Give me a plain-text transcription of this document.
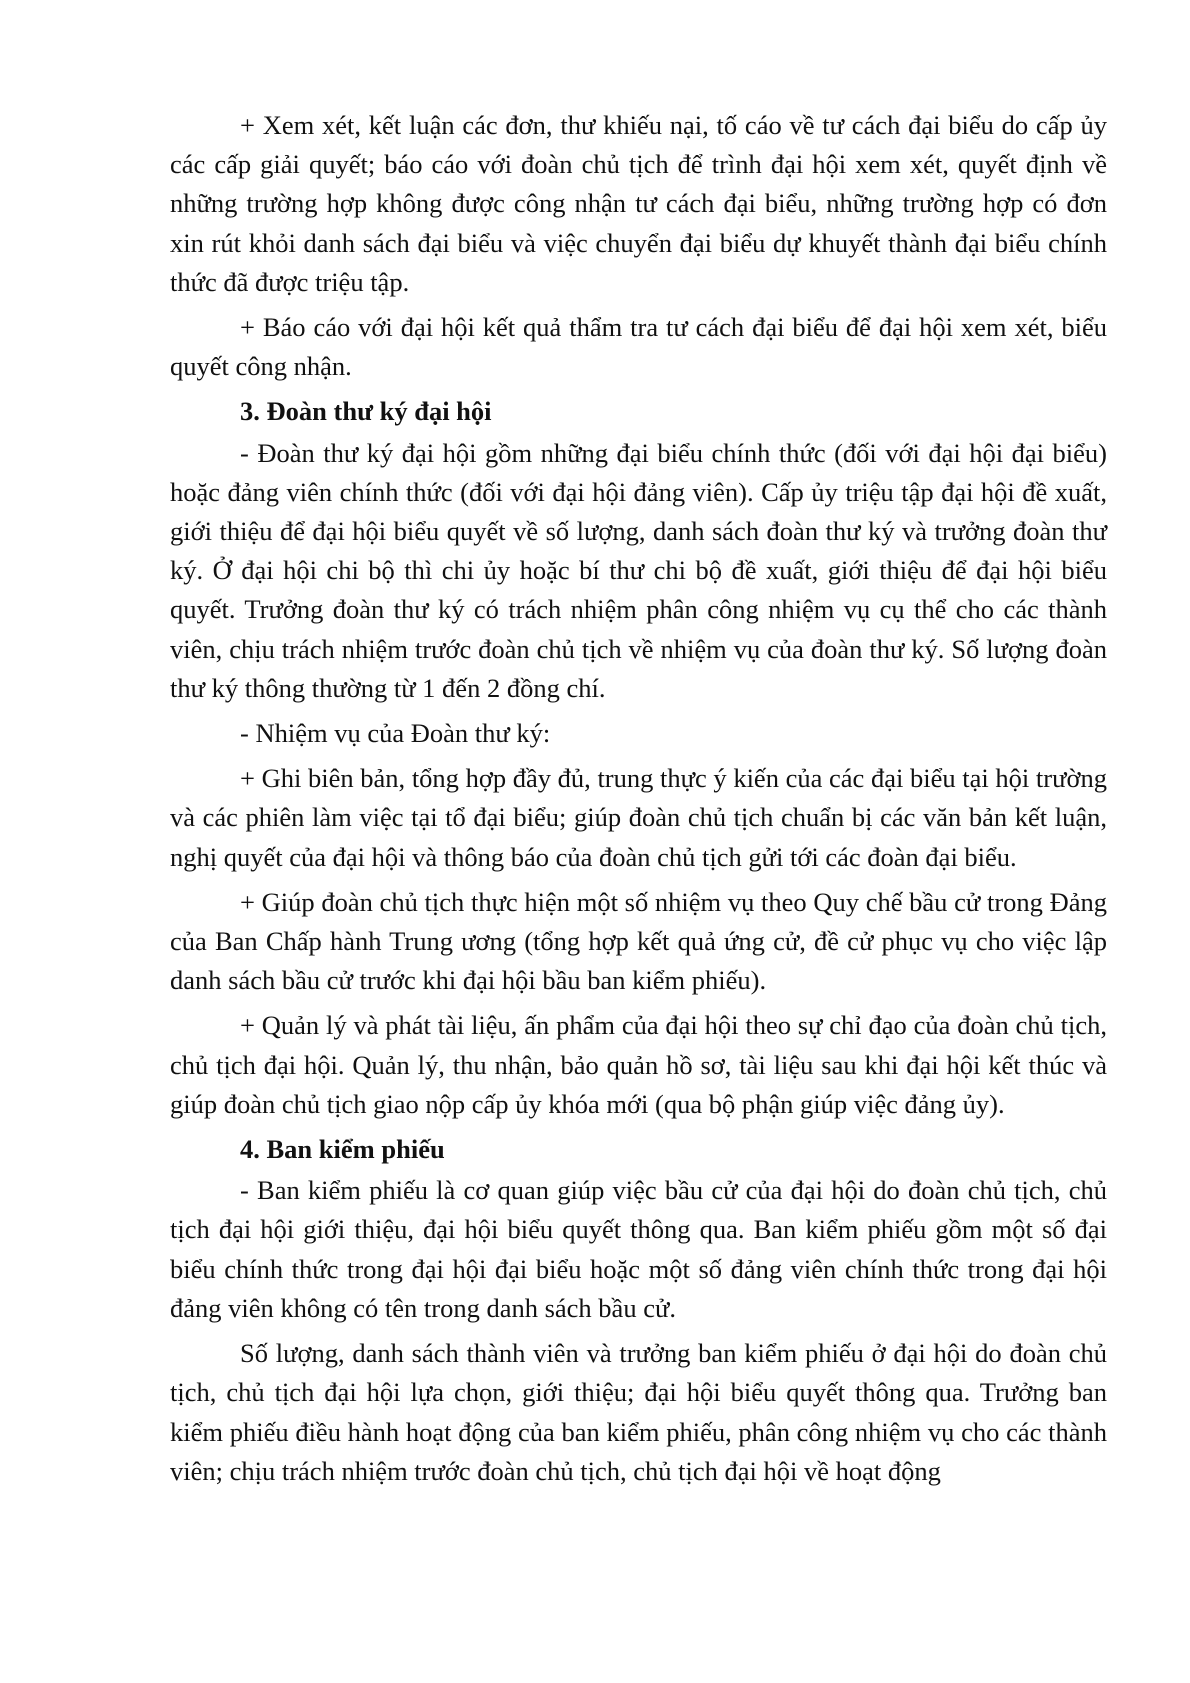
+ Xem xét, kết luận các đơn, thư khiếu nại, tố cáo về tư cách đại biểu do cấp ủy các cấp giải quyết; báo cáo với đoàn chủ tịch để trình đại hội xem xét, quyết định về những trường hợp không được công nhận tư cách đại biểu, những trường hợp có đơn xin rút khỏi danh sách đại biểu và việc chuyển đại biểu dự khuyết thành đại biểu chính thức đã được triệu tập.

+ Báo cáo với đại hội kết quả thẩm tra tư cách đại biểu để đại hội xem xét, biểu quyết công nhận.

3. Đoàn thư ký đại hội

- Đoàn thư ký đại hội gồm những đại biểu chính thức (đối với đại hội đại biểu) hoặc đảng viên chính thức (đối với đại hội đảng viên). Cấp ủy triệu tập đại hội đề xuất, giới thiệu để đại hội biểu quyết về số lượng, danh sách đoàn thư ký và trưởng đoàn thư ký. Ở đại hội chi bộ thì chi ủy hoặc bí thư chi bộ đề xuất, giới thiệu để đại hội biểu quyết. Trưởng đoàn thư ký có trách nhiệm phân công nhiệm vụ cụ thể cho các thành viên, chịu trách nhiệm trước đoàn chủ tịch về nhiệm vụ của đoàn thư ký. Số lượng đoàn thư ký thông thường từ 1 đến 2 đồng chí.

- Nhiệm vụ của Đoàn thư ký:

+ Ghi biên bản, tổng hợp đầy đủ, trung thực ý kiến của các đại biểu tại hội trường và các phiên làm việc tại tổ đại biểu; giúp đoàn chủ tịch chuẩn bị các văn bản kết luận, nghị quyết của đại hội và thông báo của đoàn chủ tịch gửi tới các đoàn đại biểu.

+ Giúp đoàn chủ tịch thực hiện một số nhiệm vụ theo Quy chế bầu cử trong Đảng của Ban Chấp hành Trung ương (tổng hợp kết quả ứng cử, đề cử phục vụ cho việc lập danh sách bầu cử trước khi đại hội bầu ban kiểm phiếu).

+ Quản lý và phát tài liệu, ấn phẩm của đại hội theo sự chỉ đạo của đoàn chủ tịch, chủ tịch đại hội. Quản lý, thu nhận, bảo quản hồ sơ, tài liệu sau khi đại hội kết thúc và giúp đoàn chủ tịch giao nộp cấp ủy khóa mới (qua bộ phận giúp việc đảng ủy).

4. Ban kiểm phiếu

- Ban kiểm phiếu là cơ quan giúp việc bầu cử của đại hội do đoàn chủ tịch, chủ tịch đại hội giới thiệu, đại hội biểu quyết thông qua. Ban kiểm phiếu gồm một số đại biểu chính thức trong đại hội đại biểu hoặc một số đảng viên chính thức trong đại hội đảng viên không có tên trong danh sách bầu cử.

Số lượng, danh sách thành viên và trưởng ban kiểm phiếu ở đại hội do đoàn chủ tịch, chủ tịch đại hội lựa chọn, giới thiệu; đại hội biểu quyết thông qua. Trưởng ban kiểm phiếu điều hành hoạt động của ban kiểm phiếu, phân công nhiệm vụ cho các thành viên; chịu trách nhiệm trước đoàn chủ tịch, chủ tịch đại hội về hoạt động
